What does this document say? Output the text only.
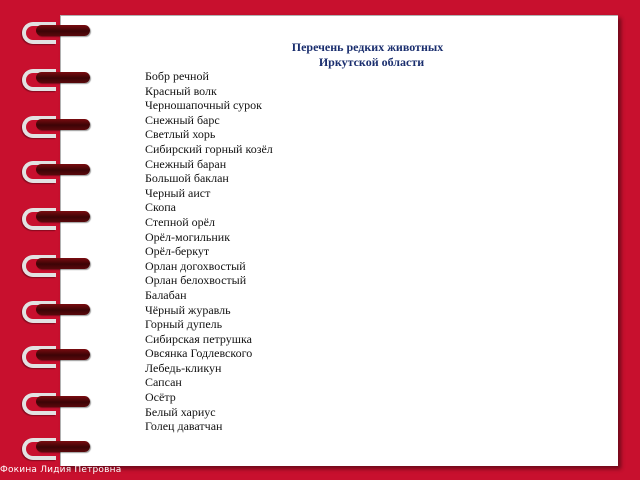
Перечень редких животных
Иркутской области
Бобр речной
Красный волк
Черношапочный сурок
Снежный барс
Светлый хорь
Сибирский горный козёл
Снежный баран
Большой баклан
Черный аист
Скопа
Степной орёл
Орёл-могильник
Орёл-беркут
Орлан догохвостый
Орлан белохвостый
Балабан
Чёрный журавль
Горный дупель
Сибирская петрушка
Овсянка Годлевского
Лебедь-кликун
Сапсан
Осётр
Белый хариус
Голец даватчан
Фокина Лидия Петровна
